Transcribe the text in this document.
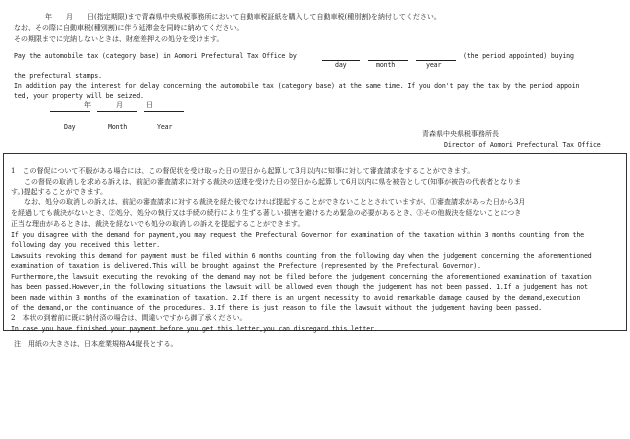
　年　　月　　日(指定期限)まで青森県中央県税事務所において自動車税証紙を購入して自動車税(種別割)を納付してください。
なお、その際に自動車税(種別割)に伴う延滞金を同時に納めてください。
その期限までに完納しないときは、財産差押えの処分を受けます。
Pay the automobile tax (category base) in Aomori Prefectural Tax Office by	(the period appointed) buying
day	month	year
the prefectural stamps.
In addition pay the interest for delay concerning the automobile tax (category base) at the same time. If you don't pay the tax by the period appoin
ted, your property will be seized.
年	月	日
Day	Month	Year
青森県中央県税事務所長
Director of Aomori Prefectural Tax Office
1　この督促について不服がある場合には、この督促状を受け取った日の翌日から起算して3月以内に知事に対して審査請求をすることができます。
　この督促の取消しを求める訴えは、前記の審査請求に対する裁決の送達を受けた日の翌日から起算して6月以内に県を被告として(知事が被告の代表者となりま
す。)提起することができます。
　なお、処分の取消しの訴えは、前記の審査請求に対する裁決を経た後でなければ提起することができないこととされていますが、①審査請求があった日から3月
を経過しても裁決がないとき、②処分、処分の執行又は手続の続行により生ずる著しい損害を避けるため緊急の必要があるとき、③その他裁決を経ないことにつき
正当な理由があるときは、裁決を経ないでも処分の取消しの訴えを提起することができます。
If you disagree with the demand for payment,you may request the Prefectural Governor for examination of the taxation within 3 months counting from the
following day you received this letter.
Lawsuits revoking this demand for payment must be filed within 6 months counting from the following day when the judgement concerning the aforementioned
examination of taxation is delivered.This will be brought against the Prefecture (represented by the Prefectural Governor).
Furthermore,the lawsuit executing the revoking of the demand may not be filed before the judgement concerning the aforementioned examination of taxation
has been passed.However,in the following situations the lawsuit will be allowed even though the judgement has not been passed. 1.If a judgement has not
been made within 3 months of the examination of taxation. 2.If there is an urgent necessity to avoid remarkable damage caused by the demand,execution
of the demand,or the continuance of the procedures. 3.If there is just reason to file the lawsuit without the judgement having been passed.
2　本状の到着前に既に納付済の場合は、間違いですから御了承ください。
In case you have finished your payment before you get this letter,you can disregard this letter.
注　用紙の大きさは、日本産業規格A4縦長とする。
